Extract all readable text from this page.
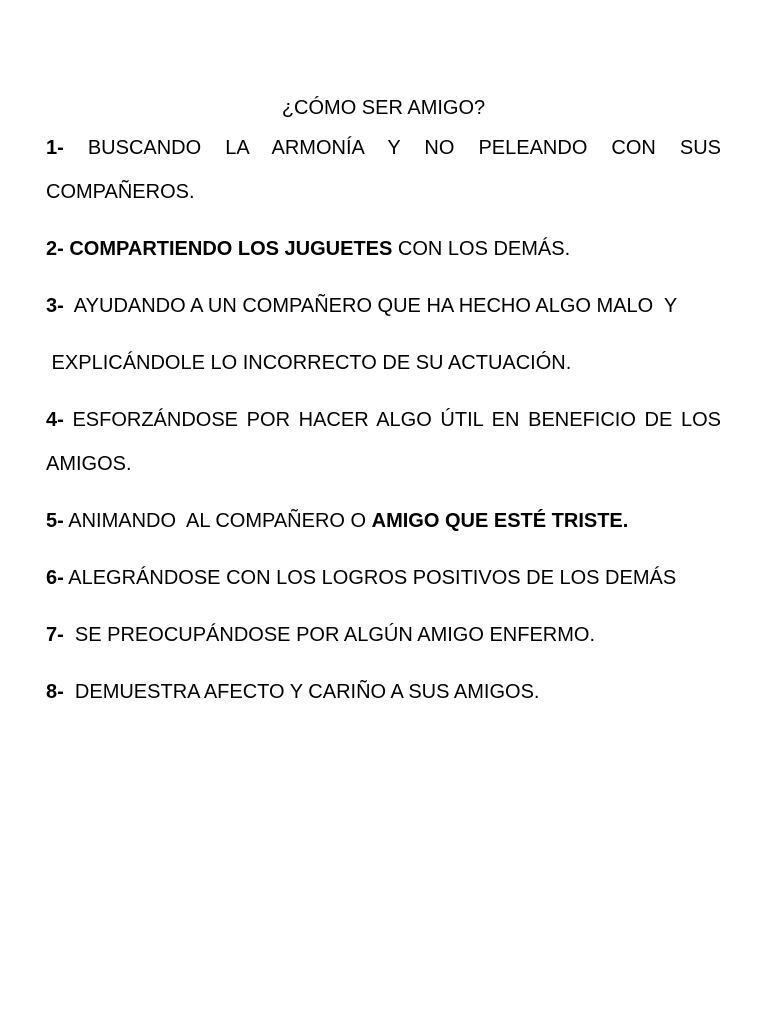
¿CÓMO SER AMIGO?

1- BUSCANDO LA ARMONÍA Y NO PELEANDO CON SUS COMPAÑEROS.

2- COMPARTIENDO LOS JUGUETES CON LOS DEMÁS.

3-  AYUDANDO A UN COMPAÑERO QUE HA HECHO ALGO MALO  Y

EXPLICÁNDOLE LO INCORRECTO DE SU ACTUACIÓN.

4- ESFORZÁNDOSE POR HACER ALGO ÚTIL EN BENEFICIO DE LOS AMIGOS.

5- ANIMANDO  AL COMPAÑERO O AMIGO QUE ESTÉ TRISTE.

6- ALEGRÁNDOSE CON LOS LOGROS POSITIVOS DE LOS DEMÁS

7-  SE PREOCUPÁNDOSE POR ALGÚN AMIGO ENFERMO.

8-  DEMUESTRA AFECTO Y CARIÑO A SUS AMIGOS.
